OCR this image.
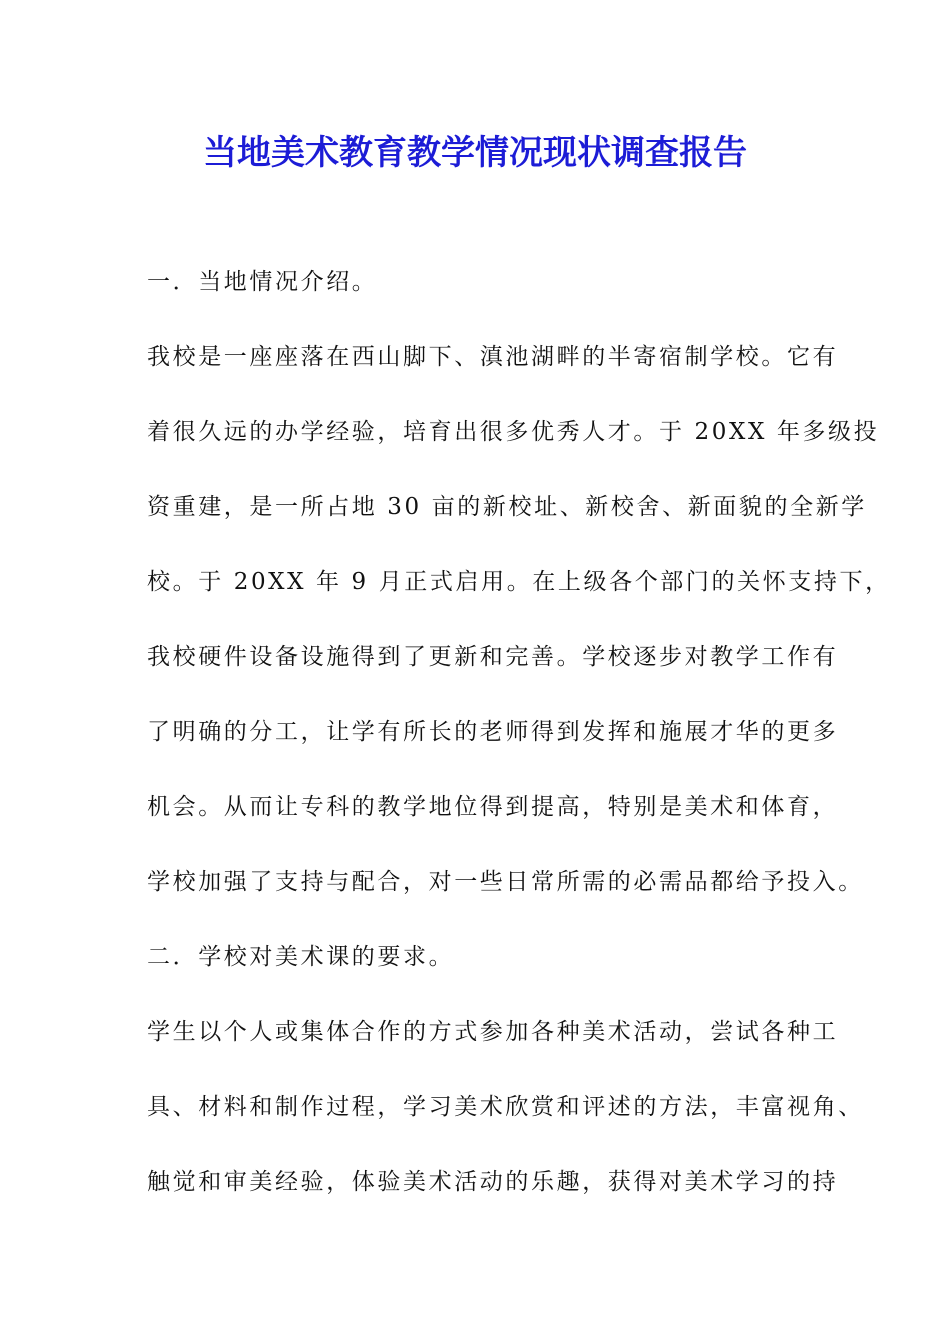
当地美术教育教学情况现状调查报告
一．当地情况介绍。
我校是一座座落在西山脚下、滇池湖畔的半寄宿制学校。它有
着很久远的办学经验，培育出很多优秀人才。于 20XX 年多级投
资重建，是一所占地 30 亩的新校址、新校舍、新面貌的全新学
校。于 20XX 年 9 月正式启用。在上级各个部门的关怀支持下，
我校硬件设备设施得到了更新和完善。学校逐步对教学工作有
了明确的分工，让学有所长的老师得到发挥和施展才华的更多
机会。从而让专科的教学地位得到提高，特别是美术和体育，
学校加强了支持与配合，对一些日常所需的必需品都给予投入。
二．学校对美术课的要求。
学生以个人或集体合作的方式参加各种美术活动，尝试各种工
具、材料和制作过程，学习美术欣赏和评述的方法，丰富视角、
触觉和审美经验，体验美术活动的乐趣，获得对美术学习的持
